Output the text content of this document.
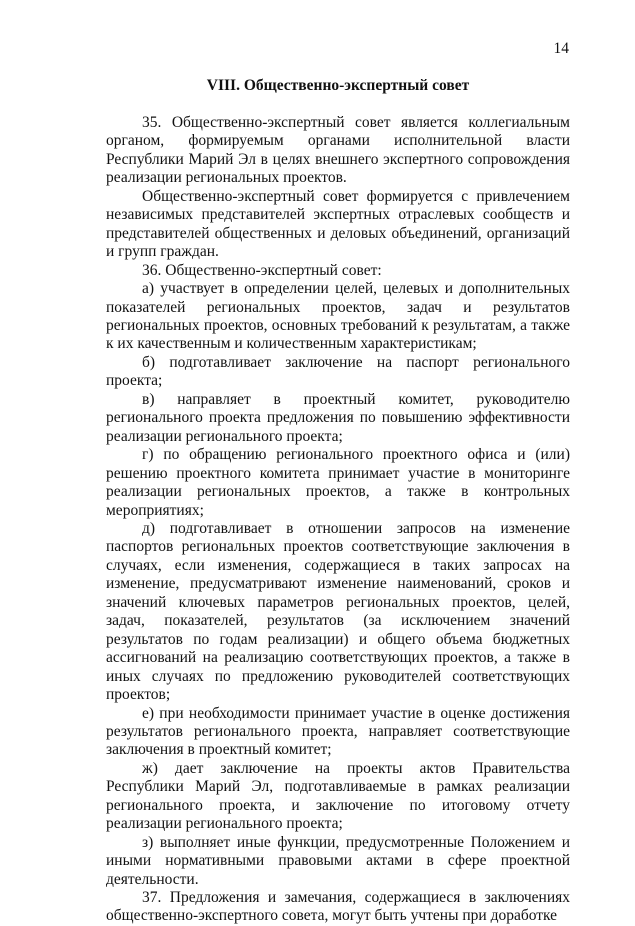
14
VIII. Общественно-экспертный совет

35. Общественно-экспертный совет является коллегиальным органом, формируемым органами исполнительной власти Республики Марий Эл в целях внешнего экспертного сопровождения реализации региональных проектов.

Общественно-экспертный совет формируется с привлечением независимых представителей экспертных отраслевых сообществ и представителей общественных и деловых объединений, организаций и групп граждан.

36. Общественно-экспертный совет:

а) участвует в определении целей, целевых и дополнительных показателей региональных проектов, задач и результатов региональных проектов, основных требований к результатам, а также к их качественным и количественным характеристикам;

б) подготавливает заключение на паспорт регионального проекта;

в) направляет в проектный комитет, руководителю регионального проекта предложения по повышению эффективности реализации регионального проекта;

г) по обращению регионального проектного офиса и (или) решению проектного комитета принимает участие в мониторинге реализации региональных проектов, а также в контрольных мероприятиях;

д) подготавливает в отношении запросов на изменение паспортов региональных проектов соответствующие заключения в случаях, если изменения, содержащиеся в таких запросах на изменение, предусматривают изменение наименований, сроков и значений ключевых параметров региональных проектов, целей, задач, показателей, результатов (за исключением значений результатов по годам реализации) и общего объема бюджетных ассигнований на реализацию соответствующих проектов, а также в иных случаях по предложению руководителей соответствующих проектов;

е) при необходимости принимает участие в оценке достижения результатов регионального проекта, направляет соответствующие заключения в проектный комитет;

ж) дает заключение на проекты актов Правительства Республики Марий Эл, подготавливаемые в рамках реализации регионального проекта, и заключение по итоговому отчету реализации регионального проекта;

з) выполняет иные функции, предусмотренные Положением и иными нормативными правовыми актами в сфере проектной деятельности.

37. Предложения и замечания, содержащиеся в заключениях общественно-экспертного совета, могут быть учтены при доработке
